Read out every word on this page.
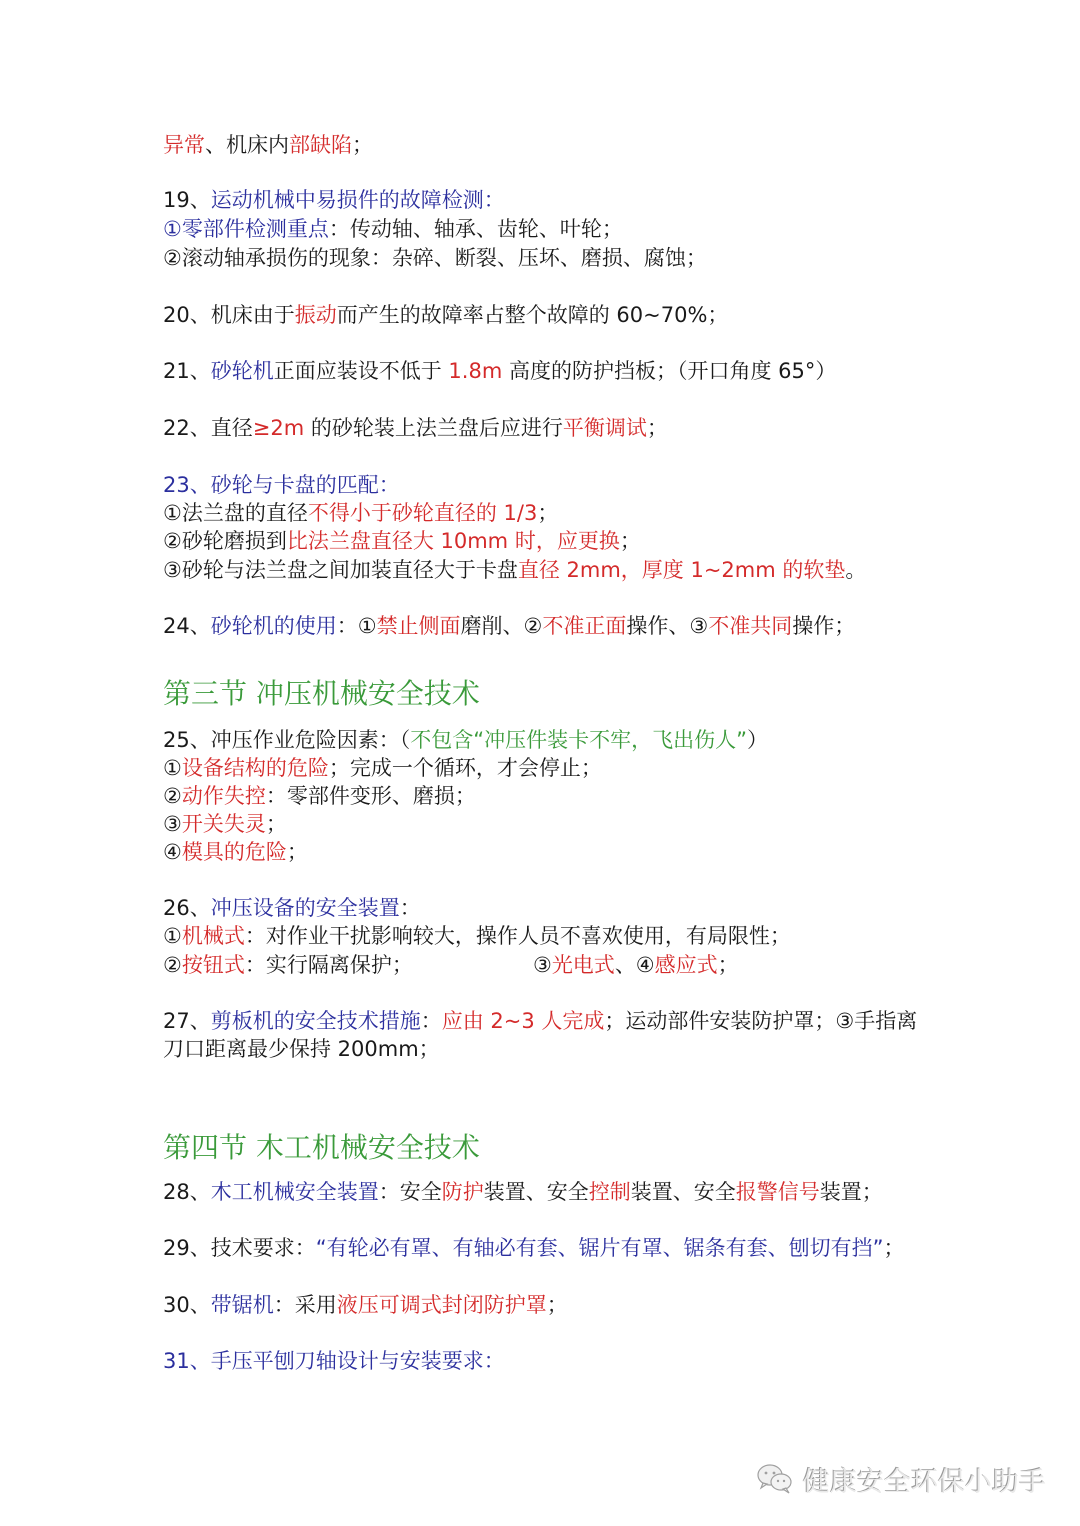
异常、机床内部缺陷；
19、运动机械中易损件的故障检测：
①零部件检测重点：传动轴、轴承、齿轮、叶轮；
②滚动轴承损伤的现象：杂碎、断裂、压坏、磨损、腐蚀；
20、机床由于振动而产生的故障率占整个故障的 60~70%；
21、砂轮机正面应装设不低于 1.8m 高度的防护挡板；（开口角度 65°）
22、直径≥2m 的砂轮装上法兰盘后应进行平衡调试；
23、砂轮与卡盘的匹配：
①法兰盘的直径不得小于砂轮直径的 1/3；
②砂轮磨损到比法兰盘直径大 10mm 时，应更换；
③砂轮与法兰盘之间加装直径大于卡盘直径 2mm，厚度 1~2mm 的软垫。
24、砂轮机的使用：①禁止侧面磨削、②不准正面操作、③不准共同操作；
25、冲压作业危险因素：（不包含“冲压件装卡不牢，飞出伤人”）
①设备结构的危险；完成一个循环，才会停止；
②动作失控：零部件变形、磨损；
③开关失灵；
④模具的危险；
26、冲压设备的安全装置：
①机械式：对作业干扰影响较大，操作人员不喜欢使用，有局限性；
②按钮式：实行隔离保护；                  ③光电式、④感应式；
27、剪板机的安全技术措施：应由 2~3 人完成；运动部件安装防护罩；③手指离
刀口距离最少保持 200mm；
28、木工机械安全装置：安全防护装置、安全控制装置、安全报警信号装置；
29、技术要求：“有轮必有罩、有轴必有套、锯片有罩、锯条有套、刨切有挡”；
30、带锯机：采用液压可调式封闭防护罩；
31、手压平刨刀轴设计与安装要求：
第三节 冲压机械安全技术
第四节 木工机械安全技术
健康安全环保小助手
